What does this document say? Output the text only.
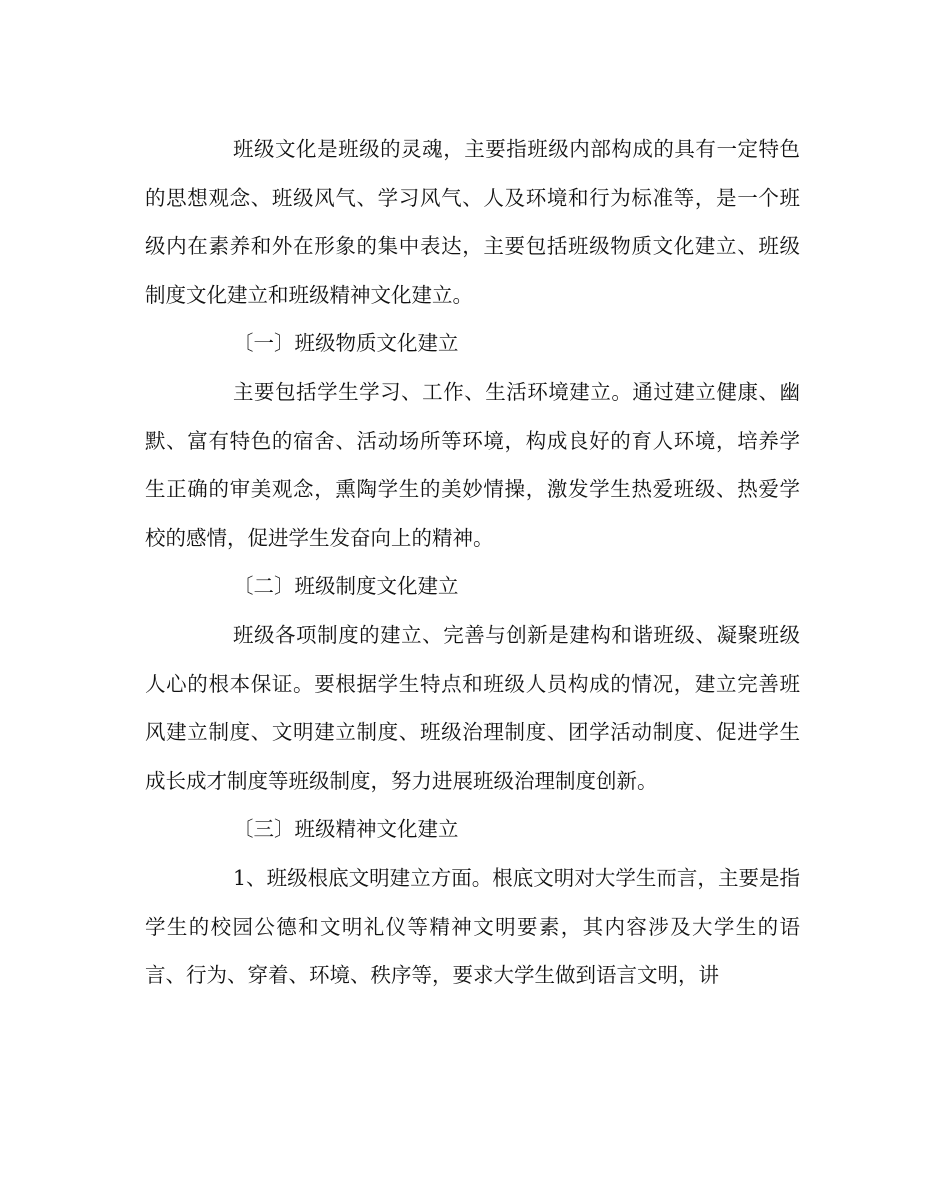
班级文化是班级的灵魂，主要指班级内部构成的具有一定特色的思想观念、班级风气、学习风气、人及环境和行为标准等，是一个班级内在素养和外在形象的集中表达，主要包括班级物质文化建立、班级制度文化建立和班级精神文化建立。

〔一〕班级物质文化建立

主要包括学生学习、工作、生活环境建立。通过建立健康、幽默、富有特色的宿舍、活动场所等环境，构成良好的育人环境，培养学生正确的审美观念，熏陶学生的美妙情操，激发学生热爱班级、热爱学校的感情，促进学生发奋向上的精神。

〔二〕班级制度文化建立

班级各项制度的建立、完善与创新是建构和谐班级、凝聚班级人心的根本保证。要根据学生特点和班级人员构成的情况，建立完善班风建立制度、文明建立制度、班级治理制度、团学活动制度、促进学生成长成才制度等班级制度，努力进展班级治理制度创新。

〔三〕班级精神文化建立

1、班级根底文明建立方面。根底文明对大学生而言，主要是指学生的校园公德和文明礼仪等精神文明要素，其内容涉及大学生的语言、行为、穿着、环境、秩序等，要求大学生做到语言文明，讲
